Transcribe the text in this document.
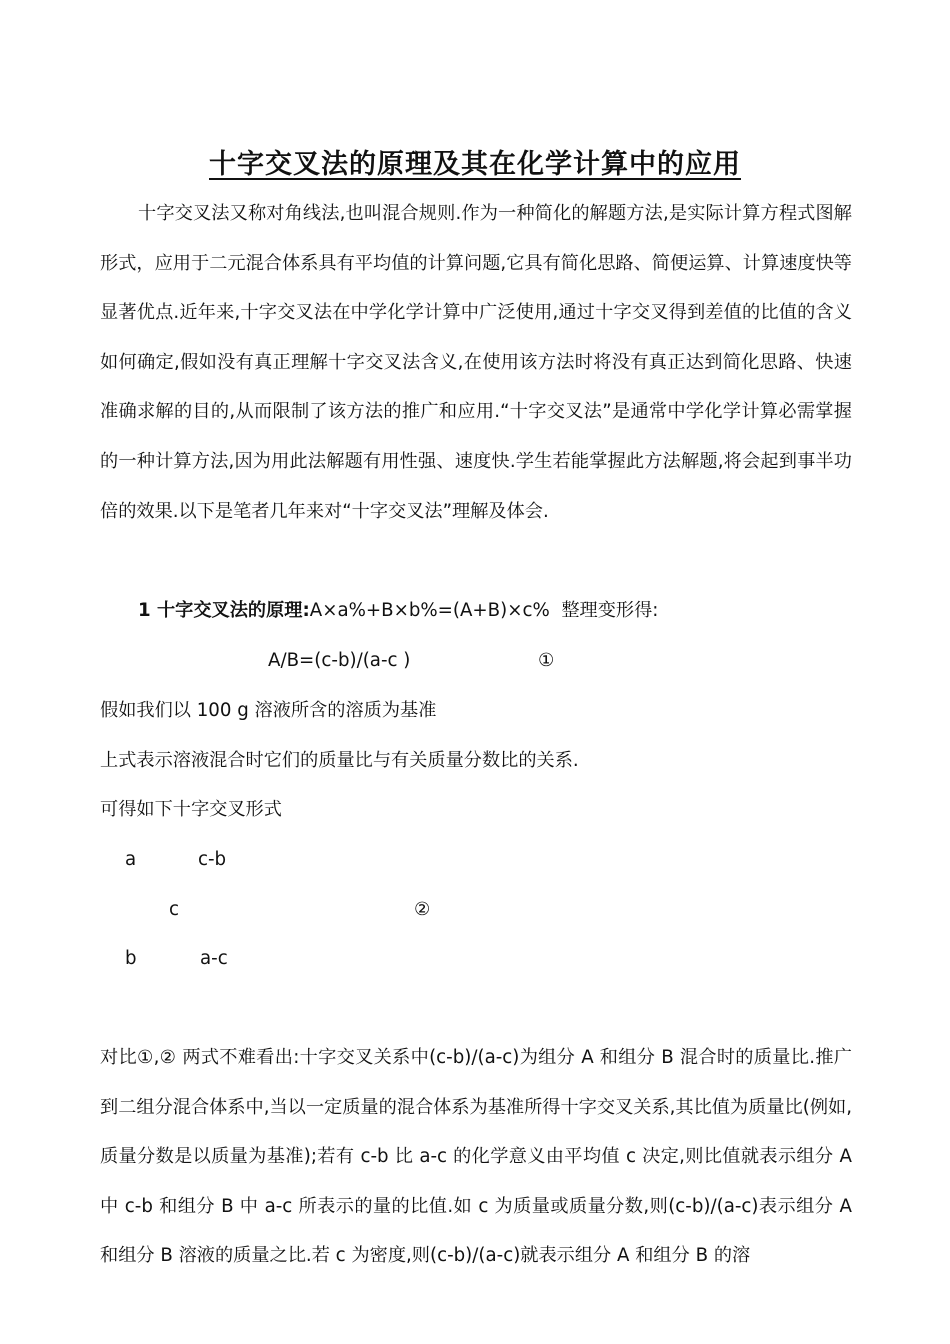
十字交叉法的原理及其在化学计算中的应用

十字交叉法又称对角线法,也叫混合规则.作为一种简化的解题方法,是实际计算方程式图解形式，应用于二元混合体系具有平均值的计算问题,它具有简化思路、简便运算、计算速度快等显著优点.近年来,十字交叉法在中学化学计算中广泛使用,通过十字交叉得到差值的比值的含义如何确定,假如没有真正理解十字交叉法含义,在使用该方法时将没有真正达到简化思路、快速准确求解的目的,从而限制了该方法的推广和应用.“十字交叉法”是通常中学化学计算必需掌握的一种计算方法,因为用此法解题有用性强、速度快.学生若能掌握此方法解题,将会起到事半功倍的效果.以下是笔者几年来对“十字交叉法”理解及体会.

1 十字交叉法的原理:A×a%+B×b%=(A+B)×c% 整理变形得:
A/B=(c-b)/(a-c )	①
假如我们以 100 g 溶液所含的溶质为基准
上式表示溶液混合时它们的质量比与有关质量分数比的关系.
可得如下十字交叉形式
a	c-b
c	②
b	a-c

对比①,② 两式不难看出:十字交叉关系中(c-b)/(a-c)为组分 A 和组分 B 混合时的质量比.推广到二组分混合体系中,当以一定质量的混合体系为基准所得十字交叉关系,其比值为质量比(例如,质量分数是以质量为基准);若有 c-b 比 a-c 的化学意义由平均值 c 决定,则比值就表示组分 A 中 c-b 和组分 B 中 a-c 所表示的量的比值.如 c 为质量或质量分数,则(c-b)/(a-c)表示组分 A 和组分 B 溶液的质量之比.若 c 为密度,则(c-b)/(a-c)就表示组分 A 和组分 B 的溶
